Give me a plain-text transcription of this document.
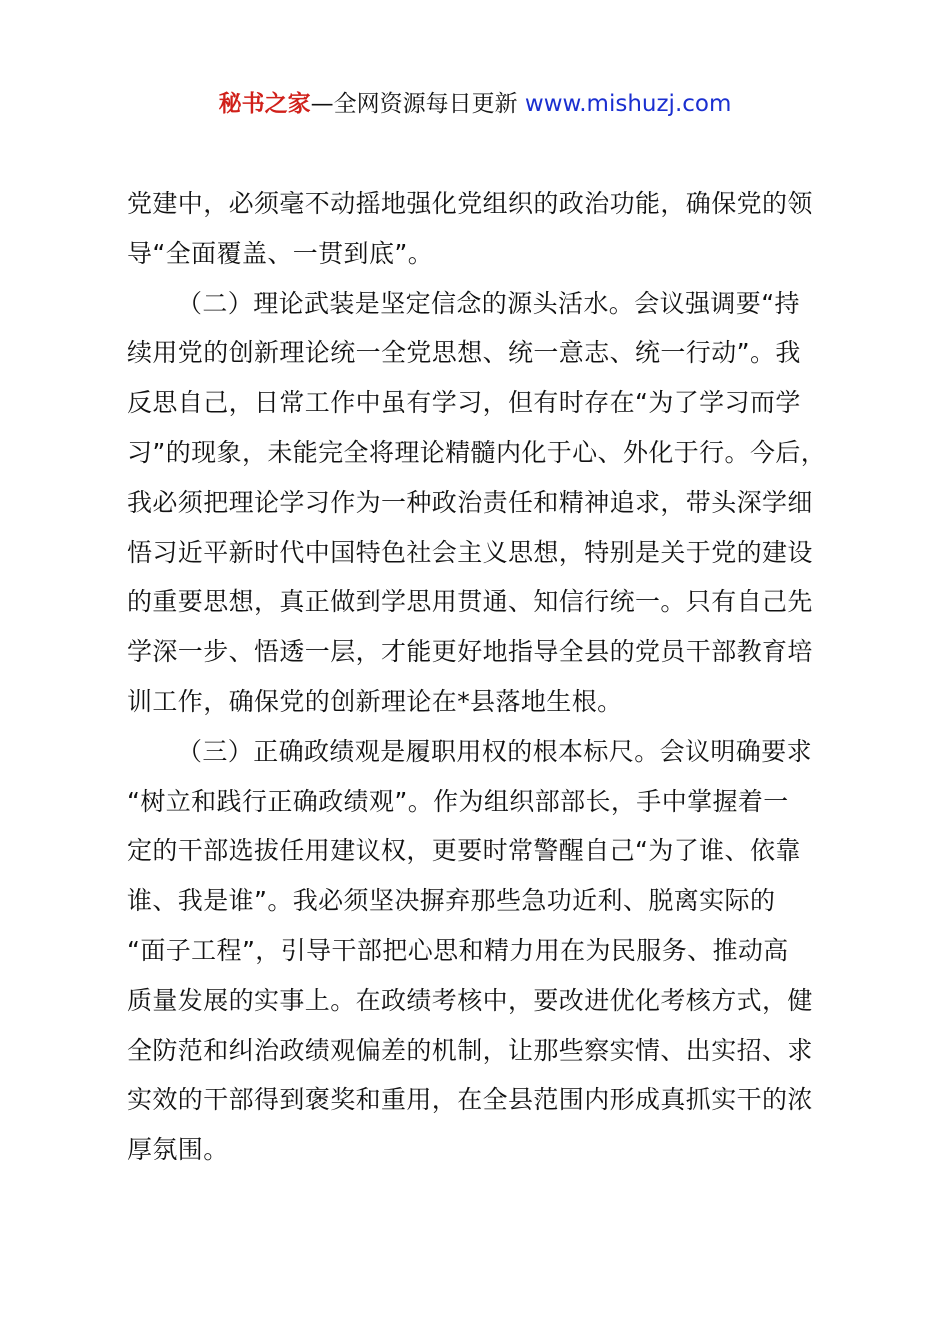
秘书之家—全网资源每日更新 www.mishuzj.com
党建中，必须毫不动摇地强化党组织的政治功能，确保党的领
导“全面覆盖、一贯到底”。
（二）理论武装是坚定信念的源头活水。会议强调要“持
续用党的创新理论统一全党思想、统一意志、统一行动”。我
反思自己，日常工作中虽有学习，但有时存在“为了学习而学
习”的现象，未能完全将理论精髓内化于心、外化于行。今后，
我必须把理论学习作为一种政治责任和精神追求，带头深学细
悟习近平新时代中国特色社会主义思想，特别是关于党的建设
的重要思想，真正做到学思用贯通、知信行统一。只有自己先
学深一步、悟透一层，才能更好地指导全县的党员干部教育培
训工作，确保党的创新理论在*县落地生根。
（三）正确政绩观是履职用权的根本标尺。会议明确要求
“树立和践行正确政绩观”。作为组织部部长，手中掌握着一
定的干部选拔任用建议权，更要时常警醒自己“为了谁、依靠
谁、我是谁”。我必须坚决摒弃那些急功近利、脱离实际的
“面子工程”，引导干部把心思和精力用在为民服务、推动高
质量发展的实事上。在政绩考核中，要改进优化考核方式，健
全防范和纠治政绩观偏差的机制，让那些察实情、出实招、求
实效的干部得到褒奖和重用，在全县范围内形成真抓实干的浓
厚氛围。
